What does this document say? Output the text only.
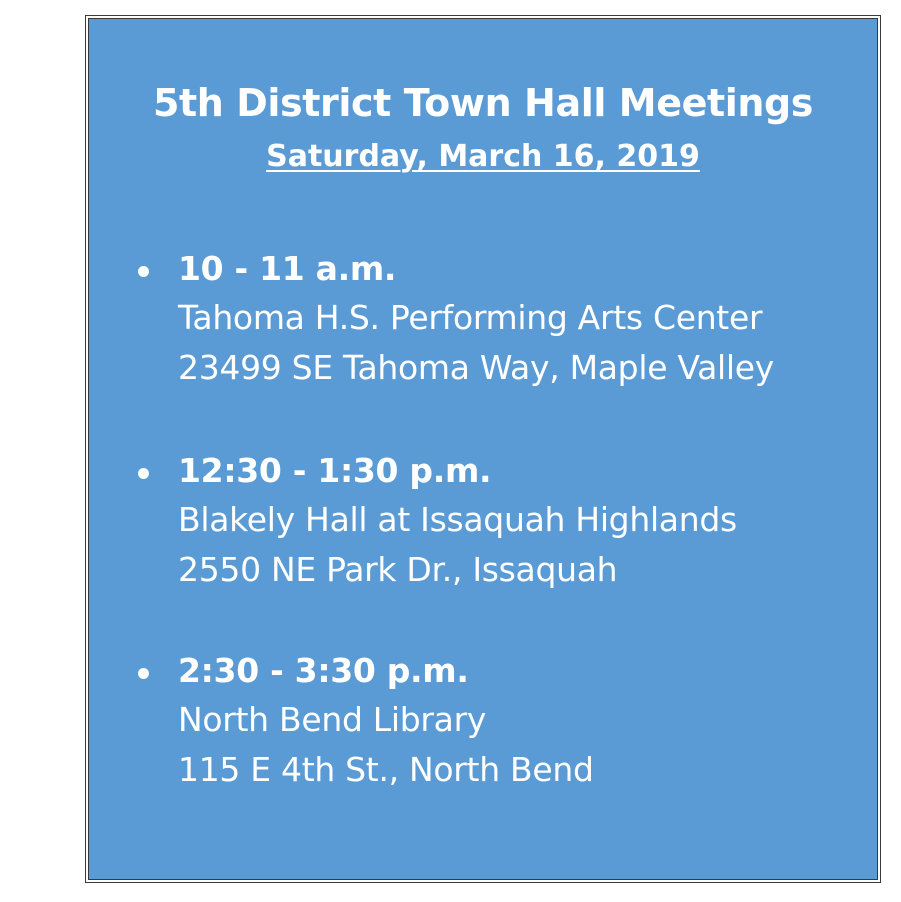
5th District Town Hall Meetings
Saturday, March 16, 2019
10 - 11 a.m.
Tahoma H.S. Performing Arts Center
23499 SE Tahoma Way, Maple Valley
12:30 - 1:30 p.m.
Blakely Hall at Issaquah Highlands
2550 NE Park Dr., Issaquah
2:30 - 3:30 p.m.
North Bend Library
115 E 4th St., North Bend
